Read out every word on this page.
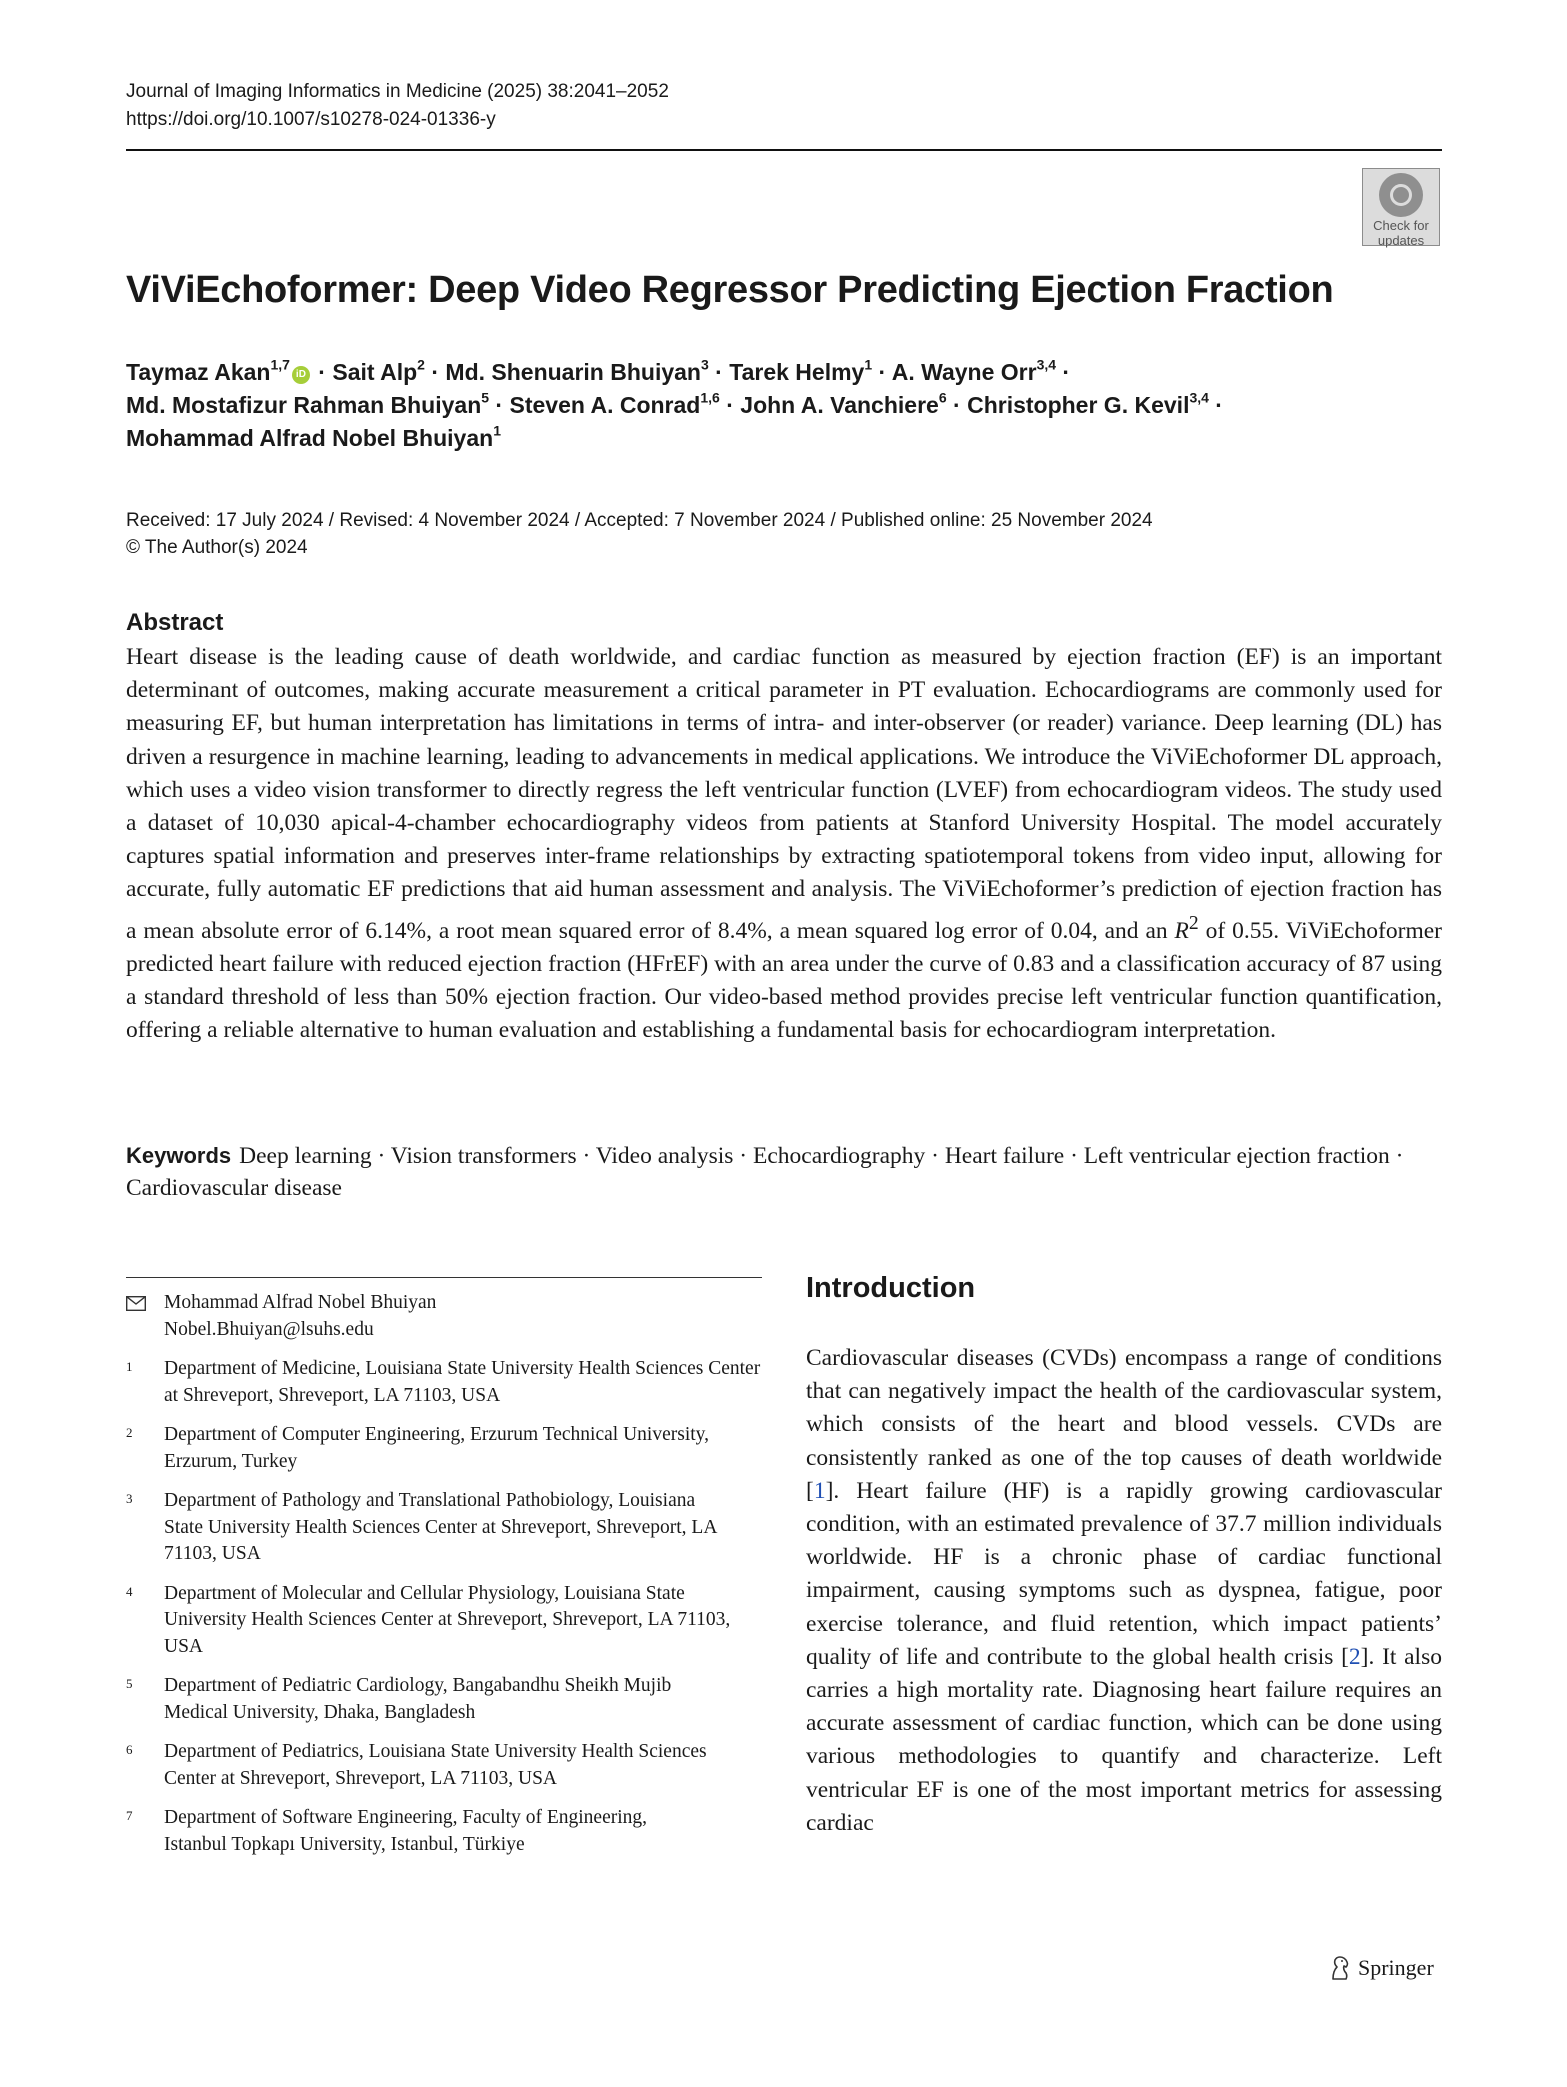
Journal of Imaging Informatics in Medicine (2025) 38:2041–2052
https://doi.org/10.1007/s10278-024-01336-y
Check for
updates
ViViEchoformer: Deep Video Regressor Predicting Ejection Fraction
Taymaz Akan$^{1,7}$iD · Sait Alp$^2$ · Md. Shenuarin Bhuiyan$^3$ · Tarek Helmy$^1$ · A. Wayne Orr$^{3,4}$ ·
Md. Mostafizur Rahman Bhuiyan$^5$ · Steven A. Conrad$^{1,6}$ · John A. Vanchiere$^6$ · Christopher G. Kevil$^{3,4}$ ·
Mohammad Alfrad Nobel Bhuiyan$^1$
Received: 17 July 2024 / Revised: 4 November 2024 / Accepted: 7 November 2024 / Published online: 25 November 2024
© The Author(s) 2024
Abstract

Heart disease is the leading cause of death worldwide, and cardiac function as measured by ejection fraction (EF) is an important determinant of outcomes, making accurate measurement a critical parameter in PT evaluation. Echocardiograms are commonly used for measuring EF, but human interpretation has limitations in terms of intra- and inter-observer (or reader) variance. Deep learning (DL) has driven a resurgence in machine learning, leading to advancements in medical applications. We introduce the ViViEchoformer DL approach, which uses a video vision transformer to directly regress the left ventricular function (LVEF) from echocardiogram videos. The study used a dataset of 10,030 apical-4-chamber echocardiography videos from patients at Stanford University Hospital. The model accurately captures spatial information and preserves inter-frame relationships by extracting spatiotemporal tokens from video input, allowing for accurate, fully automatic EF predictions that aid human assessment and analysis. The ViViEchoformer’s prediction of ejection fraction has a mean absolute error of 6.14%, a root mean squared error of 8.4%, a mean squared log error of 0.04, and an $R^2$ of 0.55. ViViEchoformer predicted heart failure with reduced ejection fraction (HFrEF) with an area under the curve of 0.83 and a classification accuracy of 87 using a standard threshold of less than 50% ejection fraction. Our video-based method provides precise left ventricular function quantification, offering a reliable alternative to human evaluation and establishing a fundamental basis for echocardiogram interpretation.

Keywords Deep learning · Vision transformers · Video analysis · Echocardiography · Heart failure · Left ventricular ejection fraction · Cardiovascular disease
Mohammad Alfrad Nobel Bhuiyan
Nobel.Bhuiyan@lsuhs.edu
1	Department of Medicine, Louisiana State University Health Sciences Center at Shreveport, Shreveport, LA 71103, USA
2	Department of Computer Engineering, Erzurum Technical University, Erzurum, Turkey
3	Department of Pathology and Translational Pathobiology, Louisiana State University Health Sciences Center at Shreveport, Shreveport, LA 71103, USA
4	Department of Molecular and Cellular Physiology, Louisiana State University Health Sciences Center at Shreveport, Shreveport, LA 71103, USA
5	Department of Pediatric Cardiology, Bangabandhu Sheikh Mujib Medical University, Dhaka, Bangladesh
6	Department of Pediatrics, Louisiana State University Health Sciences Center at Shreveport, Shreveport, LA 71103, USA
7	Department of Software Engineering, Faculty of Engineering, Istanbul Topkapı University, Istanbul, Türkiye
Introduction

Cardiovascular diseases (CVDs) encompass a range of conditions that can negatively impact the health of the cardiovascular system, which consists of the heart and blood vessels. CVDs are consistently ranked as one of the top causes of death worldwide [1]. Heart failure (HF) is a rapidly growing cardiovascular condition, with an estimated prevalence of 37.7 million individuals worldwide. HF is a chronic phase of cardiac functional impairment, causing symptoms such as dyspnea, fatigue, poor exercise tolerance, and fluid retention, which impact patients’ quality of life and contribute to the global health crisis [2]. It also carries a high mortality rate. Diagnosing heart failure requires an accurate assessment of cardiac function, which can be done using various methodologies to quantify and characterize. Left ventricular EF is one of the most important metrics for assessing cardiac

Springer
